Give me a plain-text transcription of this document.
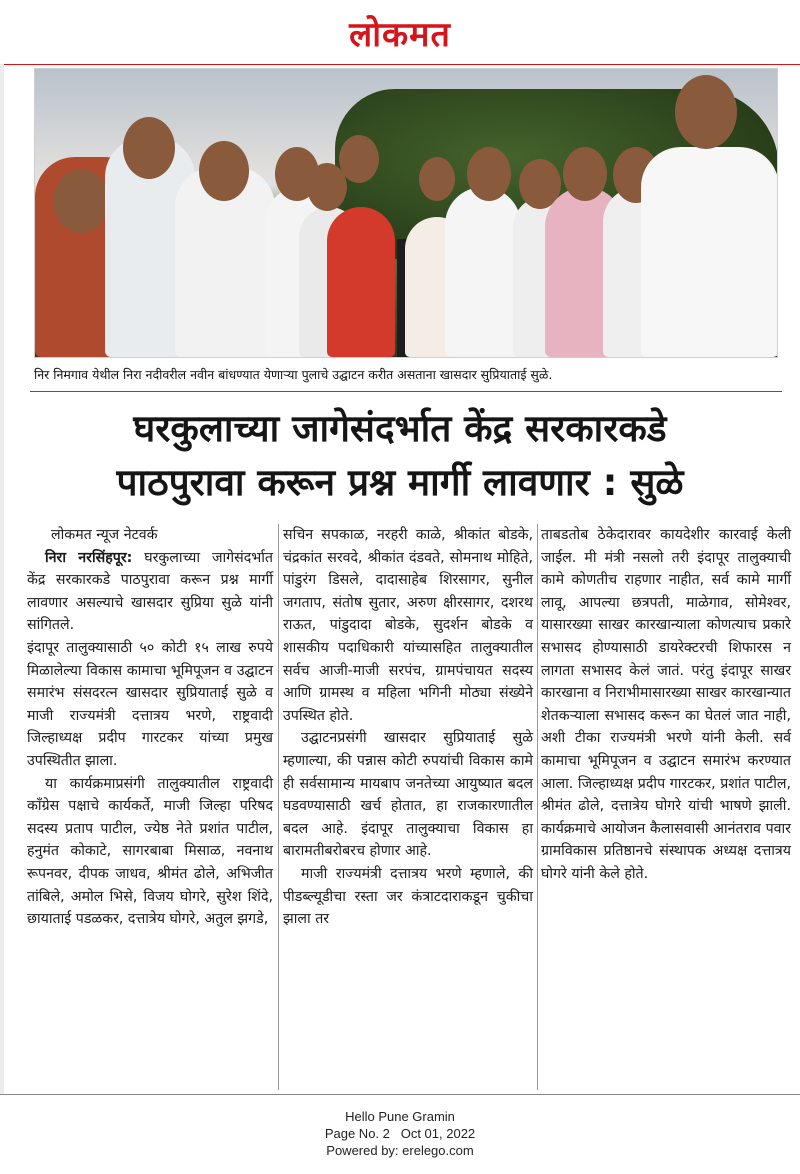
लोकमत
निर निमगाव येथील निरा नदीवरील नवीन बांधण्यात येणाऱ्या पुलाचे उद्घाटन करीत असताना खासदार सुप्रियाताई सुळे.
घरकुलाच्या जागेसंदर्भात केंद्र सरकारकडे
पाठपुरावा करून प्रश्न मार्गी लावणार : सुळे
लोकमत न्यूज नेटवर्क

निरा नरसिंहपूर: घरकुलाच्या जागेसंदर्भात केंद्र सरकारकडे पाठपुरावा करून प्रश्न मार्गी लावणार असल्याचे खासदार सुप्रिया सुळे यांनी सांगितले.

इंदापूर तालुक्यासाठी ५० कोटी १५ लाख रुपये मिळालेल्या विकास कामाचा भूमिपूजन व उद्घाटन समारंभ संसदरत्न खासदार सुप्रियाताई सुळे व माजी राज्यमंत्री दत्तात्रय भरणे, राष्ट्रवादी जिल्हाध्यक्ष प्रदीप गारटकर यांच्या प्रमुख उपस्थितीत झाला.

या कार्यक्रमाप्रसंगी तालुक्यातील राष्ट्रवादी काँग्रेस पक्षाचे कार्यकर्ते, माजी जिल्हा परिषद सदस्य प्रताप पाटील, ज्येष्ठ नेते प्रशांत पाटील, हनुमंत कोकाटे, सागरबाबा मिसाळ, नवनाथ रूपनवर, दीपक जाधव, श्रीमंत ढोले, अभिजीत तांबिले, अमोल भिसे, विजय घोगरे, सुरेश शिंदे, छायाताई पडळकर, दत्तात्रेय घोगरे, अतुल झगडे,

सचिन सपकाळ, नरहरी काळे, श्रीकांत बोडके, चंद्रकांत सरवदे, श्रीकांत दंडवते, सोमनाथ मोहिते, पांडुरंग डिसले, दादासाहेब शिरसागर, सुनील जगताप, संतोष सुतार, अरुण क्षीरसागर, दशरथ राऊत, पांडुदादा बोडके, सुदर्शन बोडके व शासकीय पदाधिकारी यांच्यासहित तालुक्यातील सर्वच आजी-माजी सरपंच, ग्रामपंचायत सदस्य आणि ग्रामस्थ व महिला भगिनी मोठ्या संख्येने उपस्थित होते.

उद्घाटनप्रसंगी खासदार सुप्रियाताई सुळे म्हणाल्या, की पन्नास कोटी रुपयांची विकास कामे ही सर्वसामान्य मायबाप जनतेच्या आयुष्यात बदल घडवण्यासाठी खर्च होतात, हा राजकारणातील बदल आहे. इंदापूर तालुक्याचा विकास हा बारामतीबरोबरच होणार आहे.

माजी राज्यमंत्री दत्तात्रय भरणे म्हणाले, की पीडब्ल्यूडीचा रस्ता जर कंत्राटदाराकडून चुकीचा झाला तर

ताबडतोब ठेकेदारावर कायदेशीर कारवाई केली जाईल. मी मंत्री नसलो तरी इंदापूर तालुक्याची कामे कोणतीच राहणार नाहीत, सर्व कामे मार्गी लावू, आपल्या छत्रपती, माळेगाव, सोमेश्वर, यासारख्या साखर कारखान्याला कोणत्याच प्रकारे सभासद होण्यासाठी डायरेक्टरची शिफारस न लागता सभासद केलं जातं. परंतु इंदापूर साखर कारखाना व निराभीमासारख्या साखर कारखान्यात शेतकऱ्याला सभासद करून का घेतलं जात नाही, अशी टीका राज्यमंत्री भरणे यांनी केली. सर्व कामाचा भूमिपूजन व उद्घाटन समारंभ करण्यात आला. जिल्हाध्यक्ष प्रदीप गारटकर, प्रशांत पाटील, श्रीमंत ढोले, दत्तात्रेय घोगरे यांची भाषणे झाली. कार्यक्रमाचे आयोजन कैलासवासी आनंतराव पवार ग्रामविकास प्रतिष्ठानचे संस्थापक अध्यक्ष दत्तात्रय घोगरे यांनी केले होते.

Hello Pune Gramin
Page No. 2 Oct 01, 2022
Powered by: erelego.com
